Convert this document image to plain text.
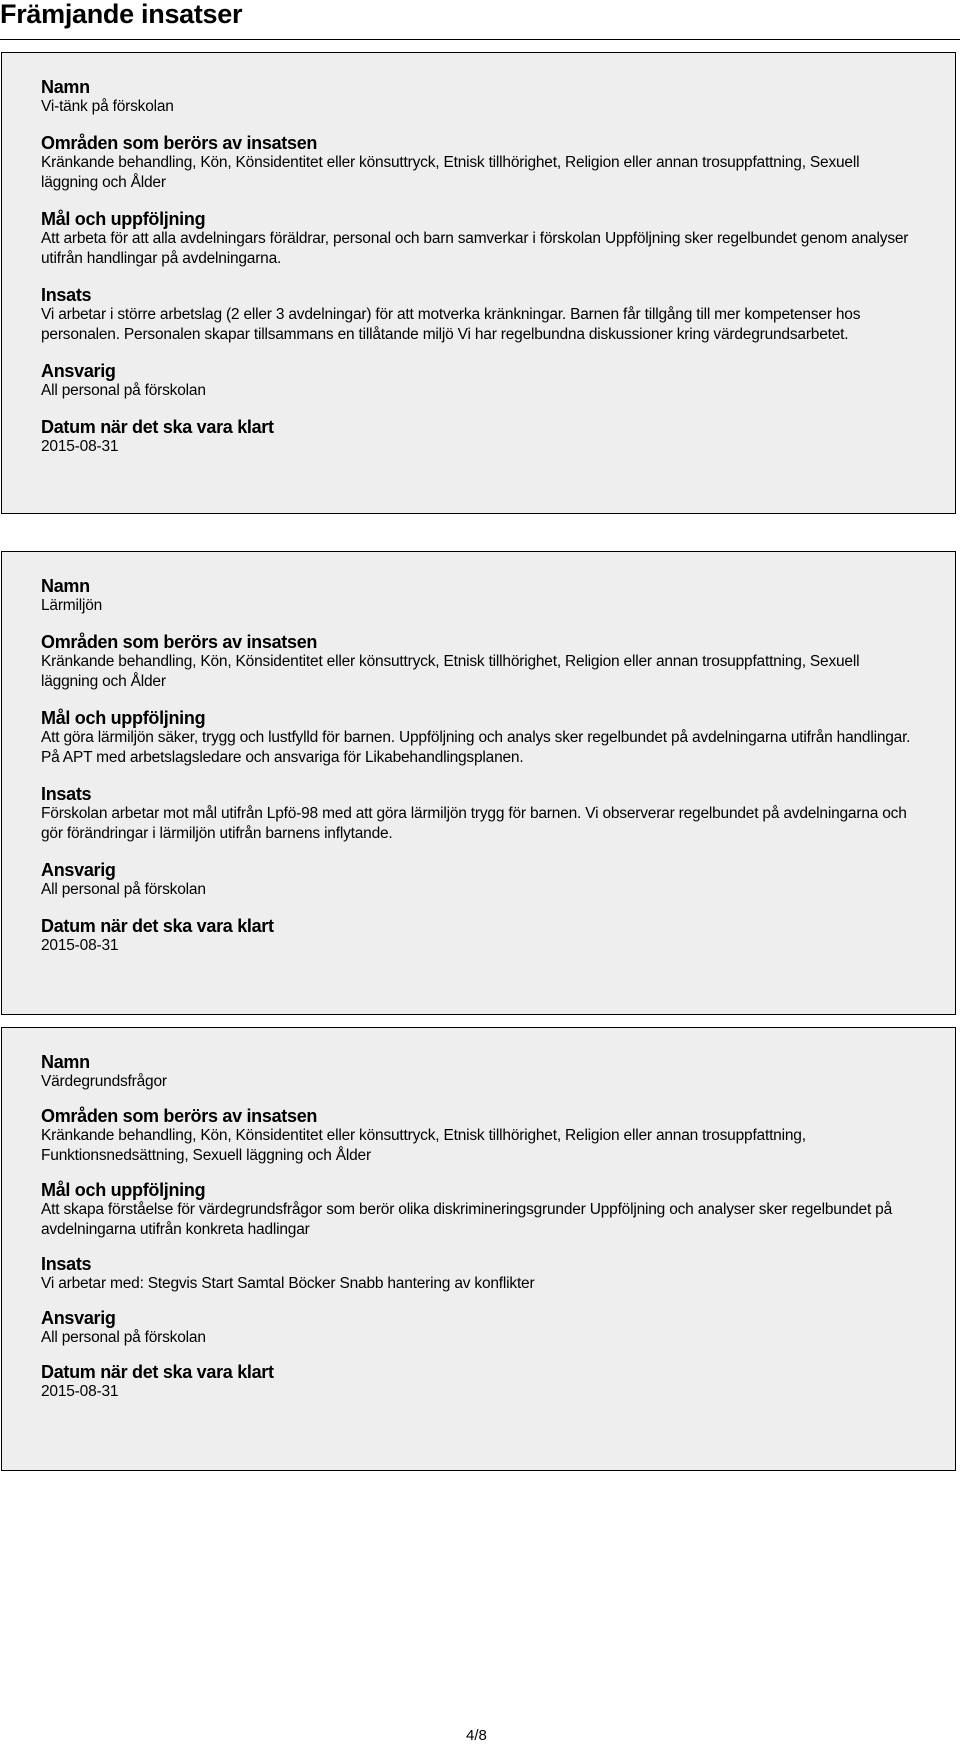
Främjande insatser
Namn
Vi-tänk på förskolan
Områden som berörs av insatsen
Kränkande behandling, Kön, Könsidentitet eller könsuttryck, Etnisk tillhörighet, Religion eller annan trosuppfattning, Sexuell läggning och Ålder
Mål och uppföljning
Att arbeta för att alla avdelningars föräldrar, personal och barn samverkar i förskolan Uppföljning sker regelbundet genom analyser utifrån handlingar på avdelningarna.
Insats
Vi arbetar i större arbetslag (2 eller 3 avdelningar) för att motverka kränkningar. Barnen får tillgång till mer kompetenser hos personalen. Personalen skapar tillsammans en tillåtande miljö Vi har regelbundna diskussioner kring värdegrundsarbetet.
Ansvarig
All personal på förskolan
Datum när det ska vara klart
2015-08-31
Namn
Lärmiljön
Områden som berörs av insatsen
Kränkande behandling, Kön, Könsidentitet eller könsuttryck, Etnisk tillhörighet, Religion eller annan trosuppfattning, Sexuell läggning och Ålder
Mål och uppföljning
Att göra lärmiljön säker, trygg och lustfylld för barnen. Uppföljning och analys sker regelbundet på avdelningarna utifrån handlingar. På APT med arbetslagsledare och ansvariga för Likabehandlingsplanen.
Insats
Förskolan arbetar mot mål utifrån Lpfö-98 med att göra lärmiljön trygg för barnen. Vi observerar regelbundet på avdelningarna och gör förändringar i lärmiljön utifrån barnens inflytande.
Ansvarig
All personal på förskolan
Datum när det ska vara klart
2015-08-31
Namn
Värdegrundsfrågor
Områden som berörs av insatsen
Kränkande behandling, Kön, Könsidentitet eller könsuttryck, Etnisk tillhörighet, Religion eller annan trosuppfattning, Funktionsnedsättning, Sexuell läggning och Ålder
Mål och uppföljning
Att skapa förståelse för värdegrundsfrågor som berör olika diskrimineringsgrunder Uppföljning och analyser sker regelbundet på avdelningarna utifrån konkreta hadlingar
Insats
Vi arbetar med: Stegvis Start Samtal Böcker Snabb hantering av konflikter
Ansvarig
All personal på förskolan
Datum när det ska vara klart
2015-08-31
4/8
